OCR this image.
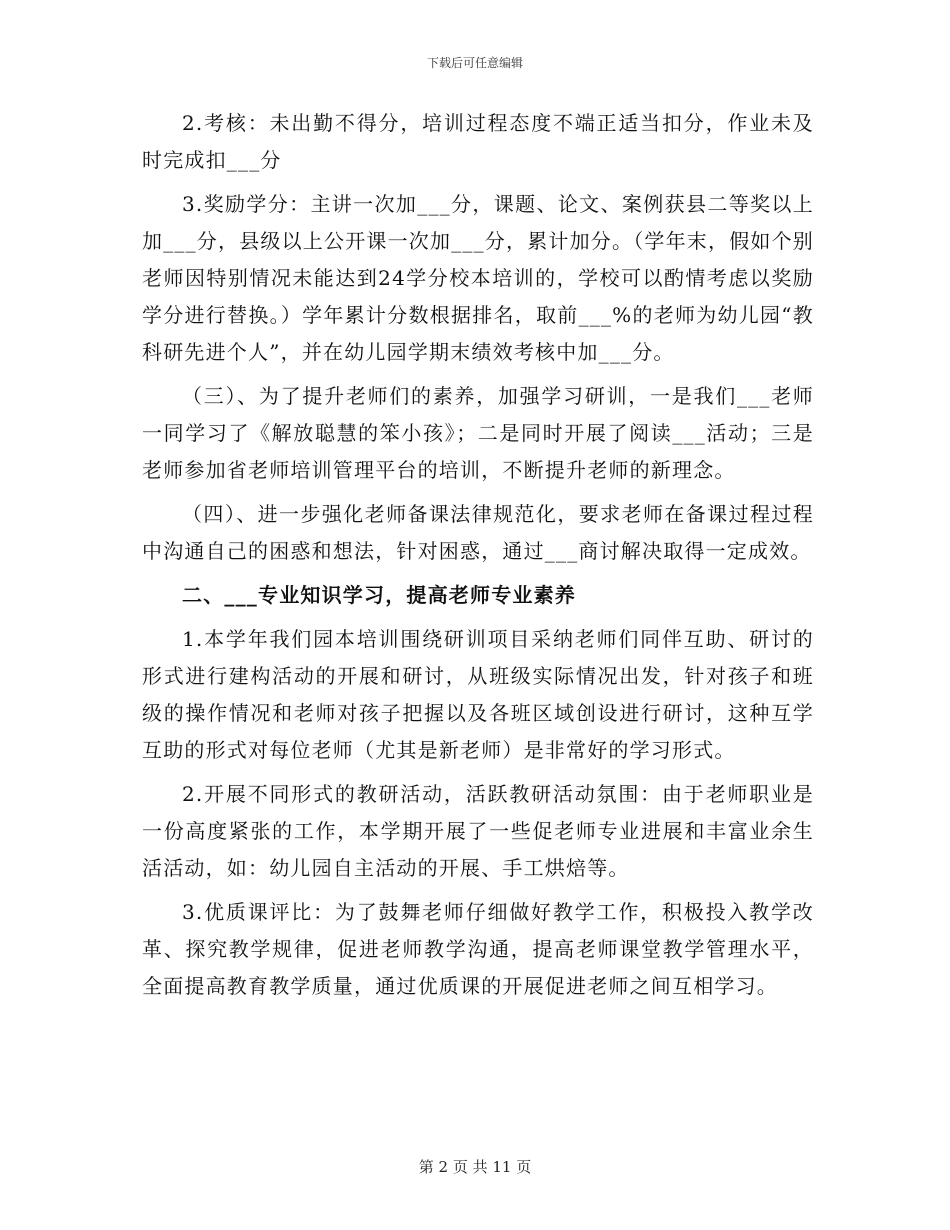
下载后可任意编辑

2.考核：未出勤不得分，培训过程态度不端正适当扣分，作业未及时完成扣___分

3.奖励学分：主讲一次加___分，课题、论文、案例获县二等奖以上加___分，县级以上公开课一次加___分，累计加分。（学年末，假如个别老师因特别情况未能达到24学分校本培训的，学校可以酌情考虑以奖励学分进行替换。）学年累计分数根据排名，取前___%的老师为幼儿园“教科研先进个人”，并在幼儿园学期末绩效考核中加___分。

（三）、为了提升老师们的素养，加强学习研训，一是我们___老师一同学习了《解放聪慧的笨小孩》；二是同时开展了阅读___活动；三是老师参加省老师培训管理平台的培训，不断提升老师的新理念。

（四）、进一步强化老师备课法律规范化，要求老师在备课过程过程中沟通自己的困惑和想法，针对困惑，通过___商讨解决取得一定成效。

二、___专业知识学习，提高老师专业素养

1.本学年我们园本培训围绕研训项目采纳老师们同伴互助、研讨的形式进行建构活动的开展和研讨，从班级实际情况出发，针对孩子和班级的操作情况和老师对孩子把握以及各班区域创设进行研讨，这种互学互助的形式对每位老师（尤其是新老师）是非常好的学习形式。

2.开展不同形式的教研活动，活跃教研活动氛围：由于老师职业是一份高度紧张的工作，本学期开展了一些促老师专业进展和丰富业余生活活动，如：幼儿园自主活动的开展、手工烘焙等。

3.优质课评比：为了鼓舞老师仔细做好教学工作，积极投入教学改革、探究教学规律，促进老师教学沟通，提高老师课堂教学管理水平，全面提高教育教学质量，通过优质课的开展促进老师之间互相学习。

第 2 页 共 11 页
